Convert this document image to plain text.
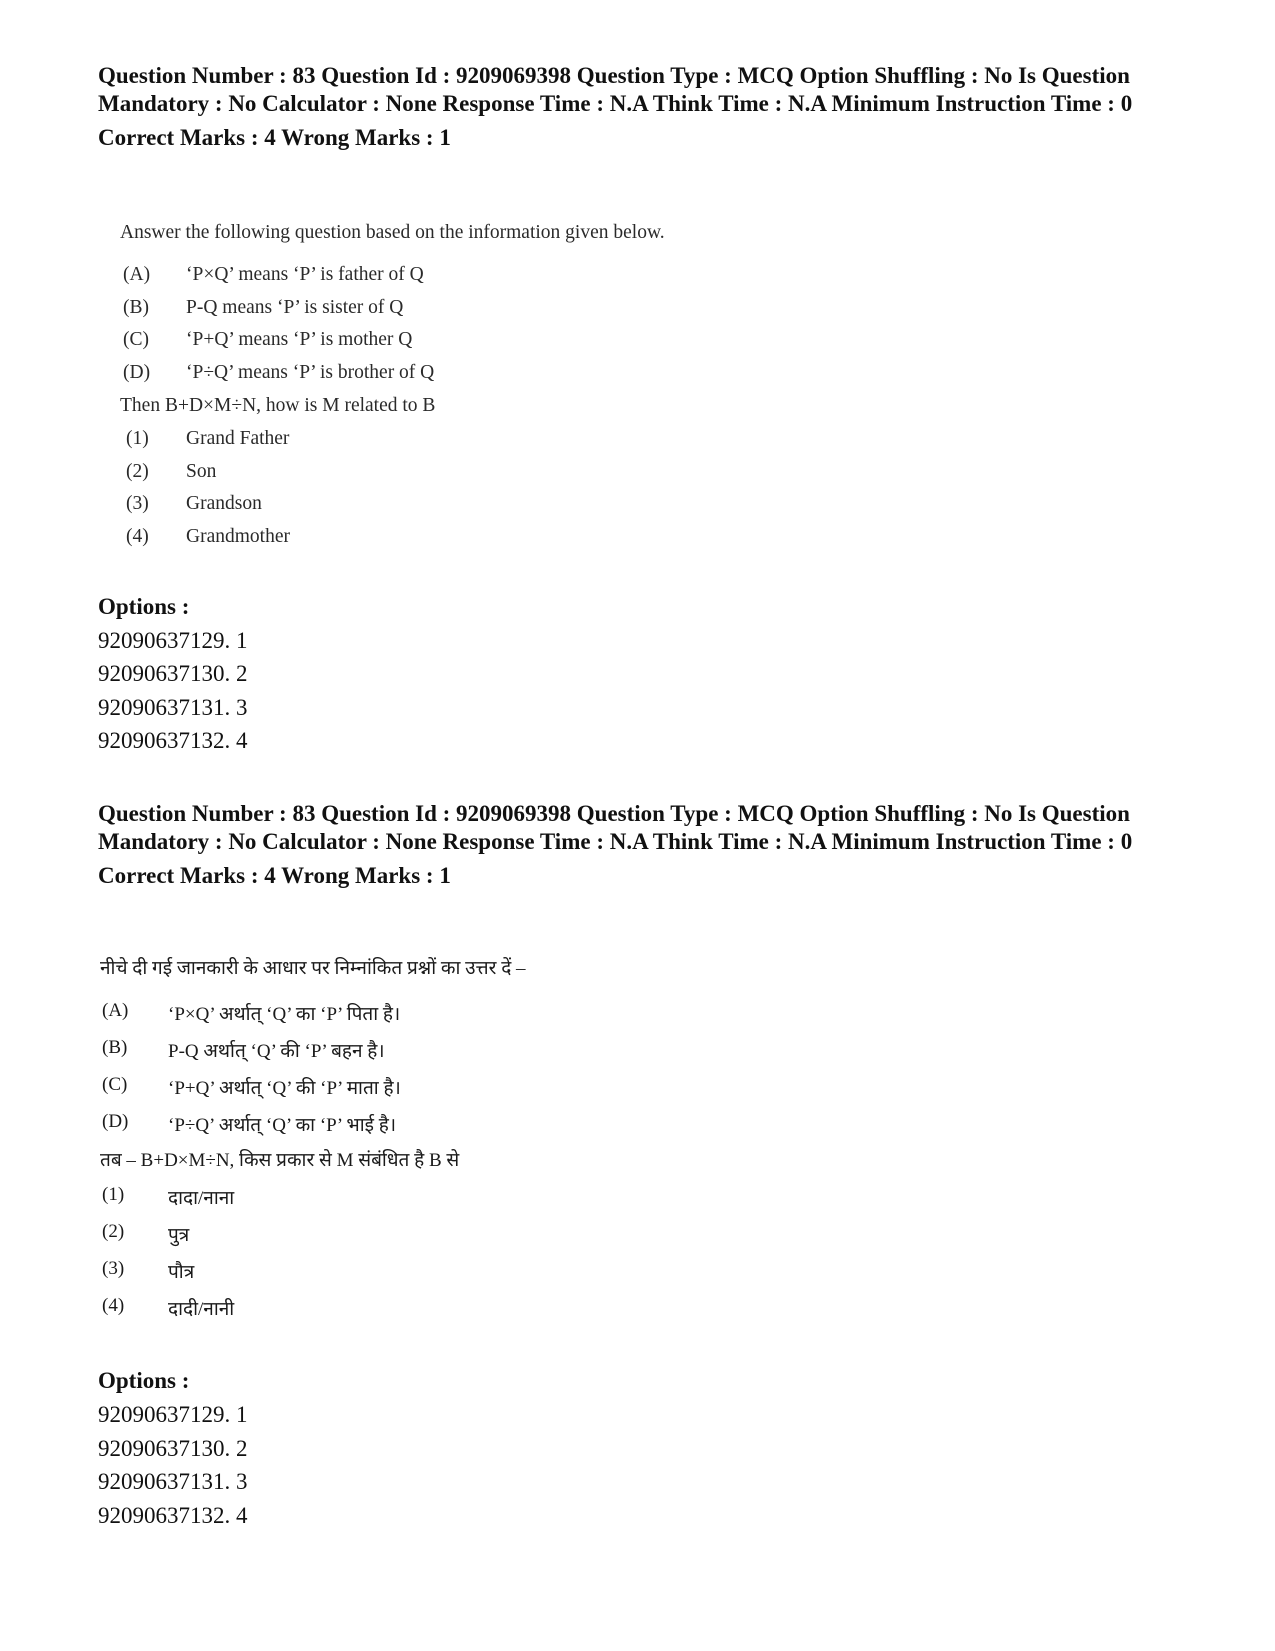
Question Number : 83 Question Id : 9209069398 Question Type : MCQ Option Shuffling : No Is Question Mandatory : No Calculator : None Response Time : N.A Think Time : N.A Minimum Instruction Time : 0
Correct Marks : 4 Wrong Marks : 1
Answer the following question based on the information given below.
(A) ‘P×Q’ means ‘P’ is father of Q
(B) P-Q means ‘P’ is sister of Q
(C) ‘P+Q’ means ‘P’ is mother Q
(D) ‘P÷Q’ means ‘P’ is brother of Q
Then B+D×M÷N, how is M related to B
(1) Grand Father
(2) Son
(3) Grandson
(4) Grandmother
Options :
92090637129. 1
92090637130. 2
92090637131. 3
92090637132. 4
Question Number : 83 Question Id : 9209069398 Question Type : MCQ Option Shuffling : No Is Question Mandatory : No Calculator : None Response Time : N.A Think Time : N.A Minimum Instruction Time : 0
Correct Marks : 4 Wrong Marks : 1
नीचे दी गई जानकारी के आधार पर निम्नांकित प्रश्नों का उत्तर दें –
(A) ‘P×Q’ अर्थात् ‘Q’ का ‘P’ पिता है।
(B) P-Q अर्थात् ‘Q’ की ‘P’ बहन है।
(C) ‘P+Q’ अर्थात् ‘Q’ की ‘P’ माता है।
(D) ‘P÷Q’ अर्थात् ‘Q’ का ‘P’ भाई है।
तब – B+D×M÷N, किस प्रकार से M संबंधित है B से
(1) दादा/नाना
(2) पुत्र
(3) पौत्र
(4) दादी/नानी
Options :
92090637129. 1
92090637130. 2
92090637131. 3
92090637132. 4
